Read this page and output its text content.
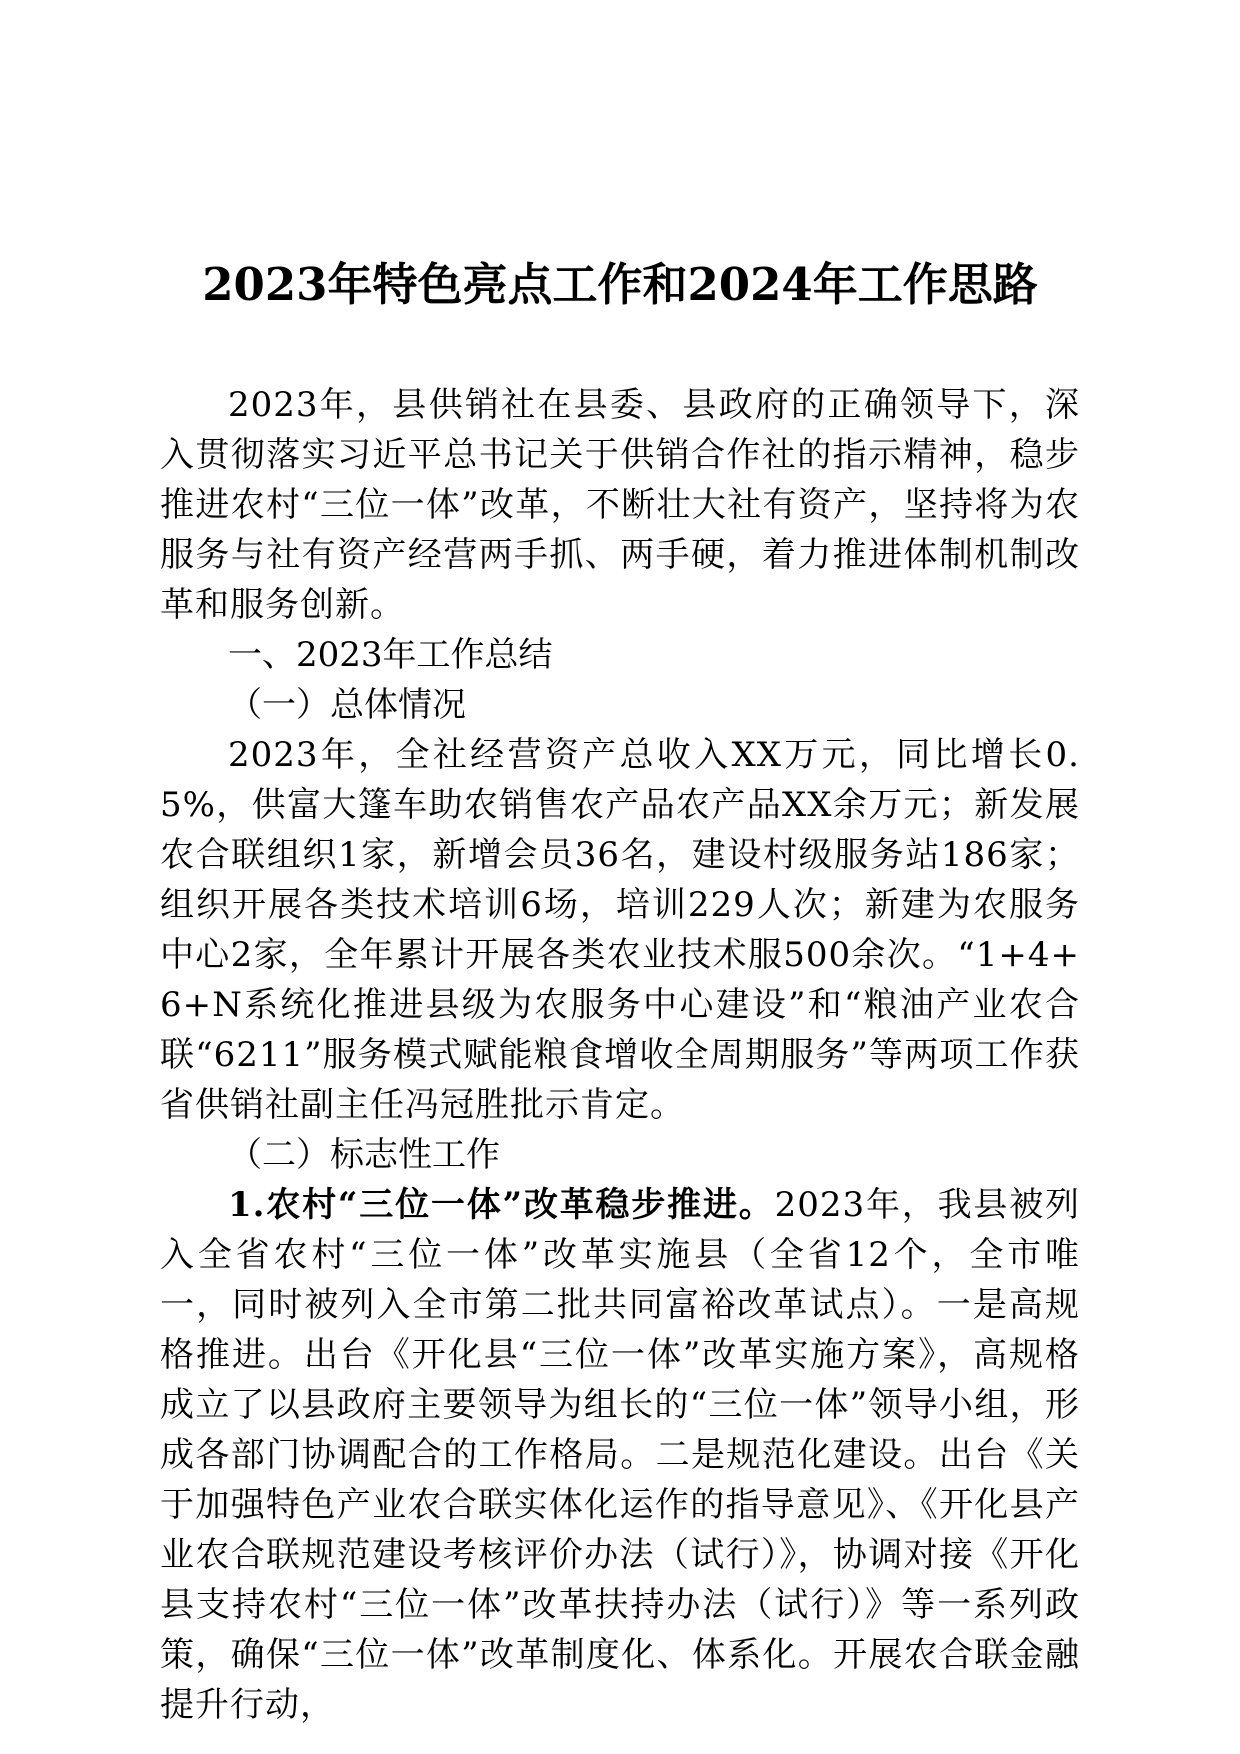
2023年特色亮点工作和2024年工作思路

2023年，县供销社在县委、县政府的正确领导下，深入贯彻落实习近平总书记关于供销合作社的指示精神，稳步推进农村“三位一体”改革，不断壮大社有资产，坚持将为农服务与社有资产经营两手抓、两手硬，着力推进体制机制改革和服务创新。

一、2023年工作总结

（一）总体情况

2023年，全社经营资产总收入XX万元，同比增长0.5%，供富大篷车助农销售农产品农产品XX余万元；新发展农合联组织1家，新增会员36名，建设村级服务站186家；组织开展各类技术培训6场，培训229人次；新建为农服务中心2家，全年累计开展各类农业技术服500余次。“1+4+6+N系统化推进县级为农服务中心建设”和“粮油产业农合联“6211”服务模式赋能粮食增收全周期服务”等两项工作获省供销社副主任冯冠胜批示肯定。

（二）标志性工作

1.农村“三位一体”改革稳步推进。2023年，我县被列入全省农村“三位一体”改革实施县（全省12个，全市唯一，同时被列入全市第二批共同富裕改革试点）。一是高规格推进。出台《开化县“三位一体”改革实施方案》，高规格成立了以县政府主要领导为组长的“三位一体”领导小组，形成各部门协调配合的工作格局。二是规范化建设。出台《关于加强特色产业农合联实体化运作的指导意见》、《开化县产业农合联规范建设考核评价办法（试行）》，协调对接《开化县支持农村“三位一体”改革扶持办法（试行）》等一系列政策，确保“三位一体”改革制度化、体系化。开展农合联金融提升行动，
